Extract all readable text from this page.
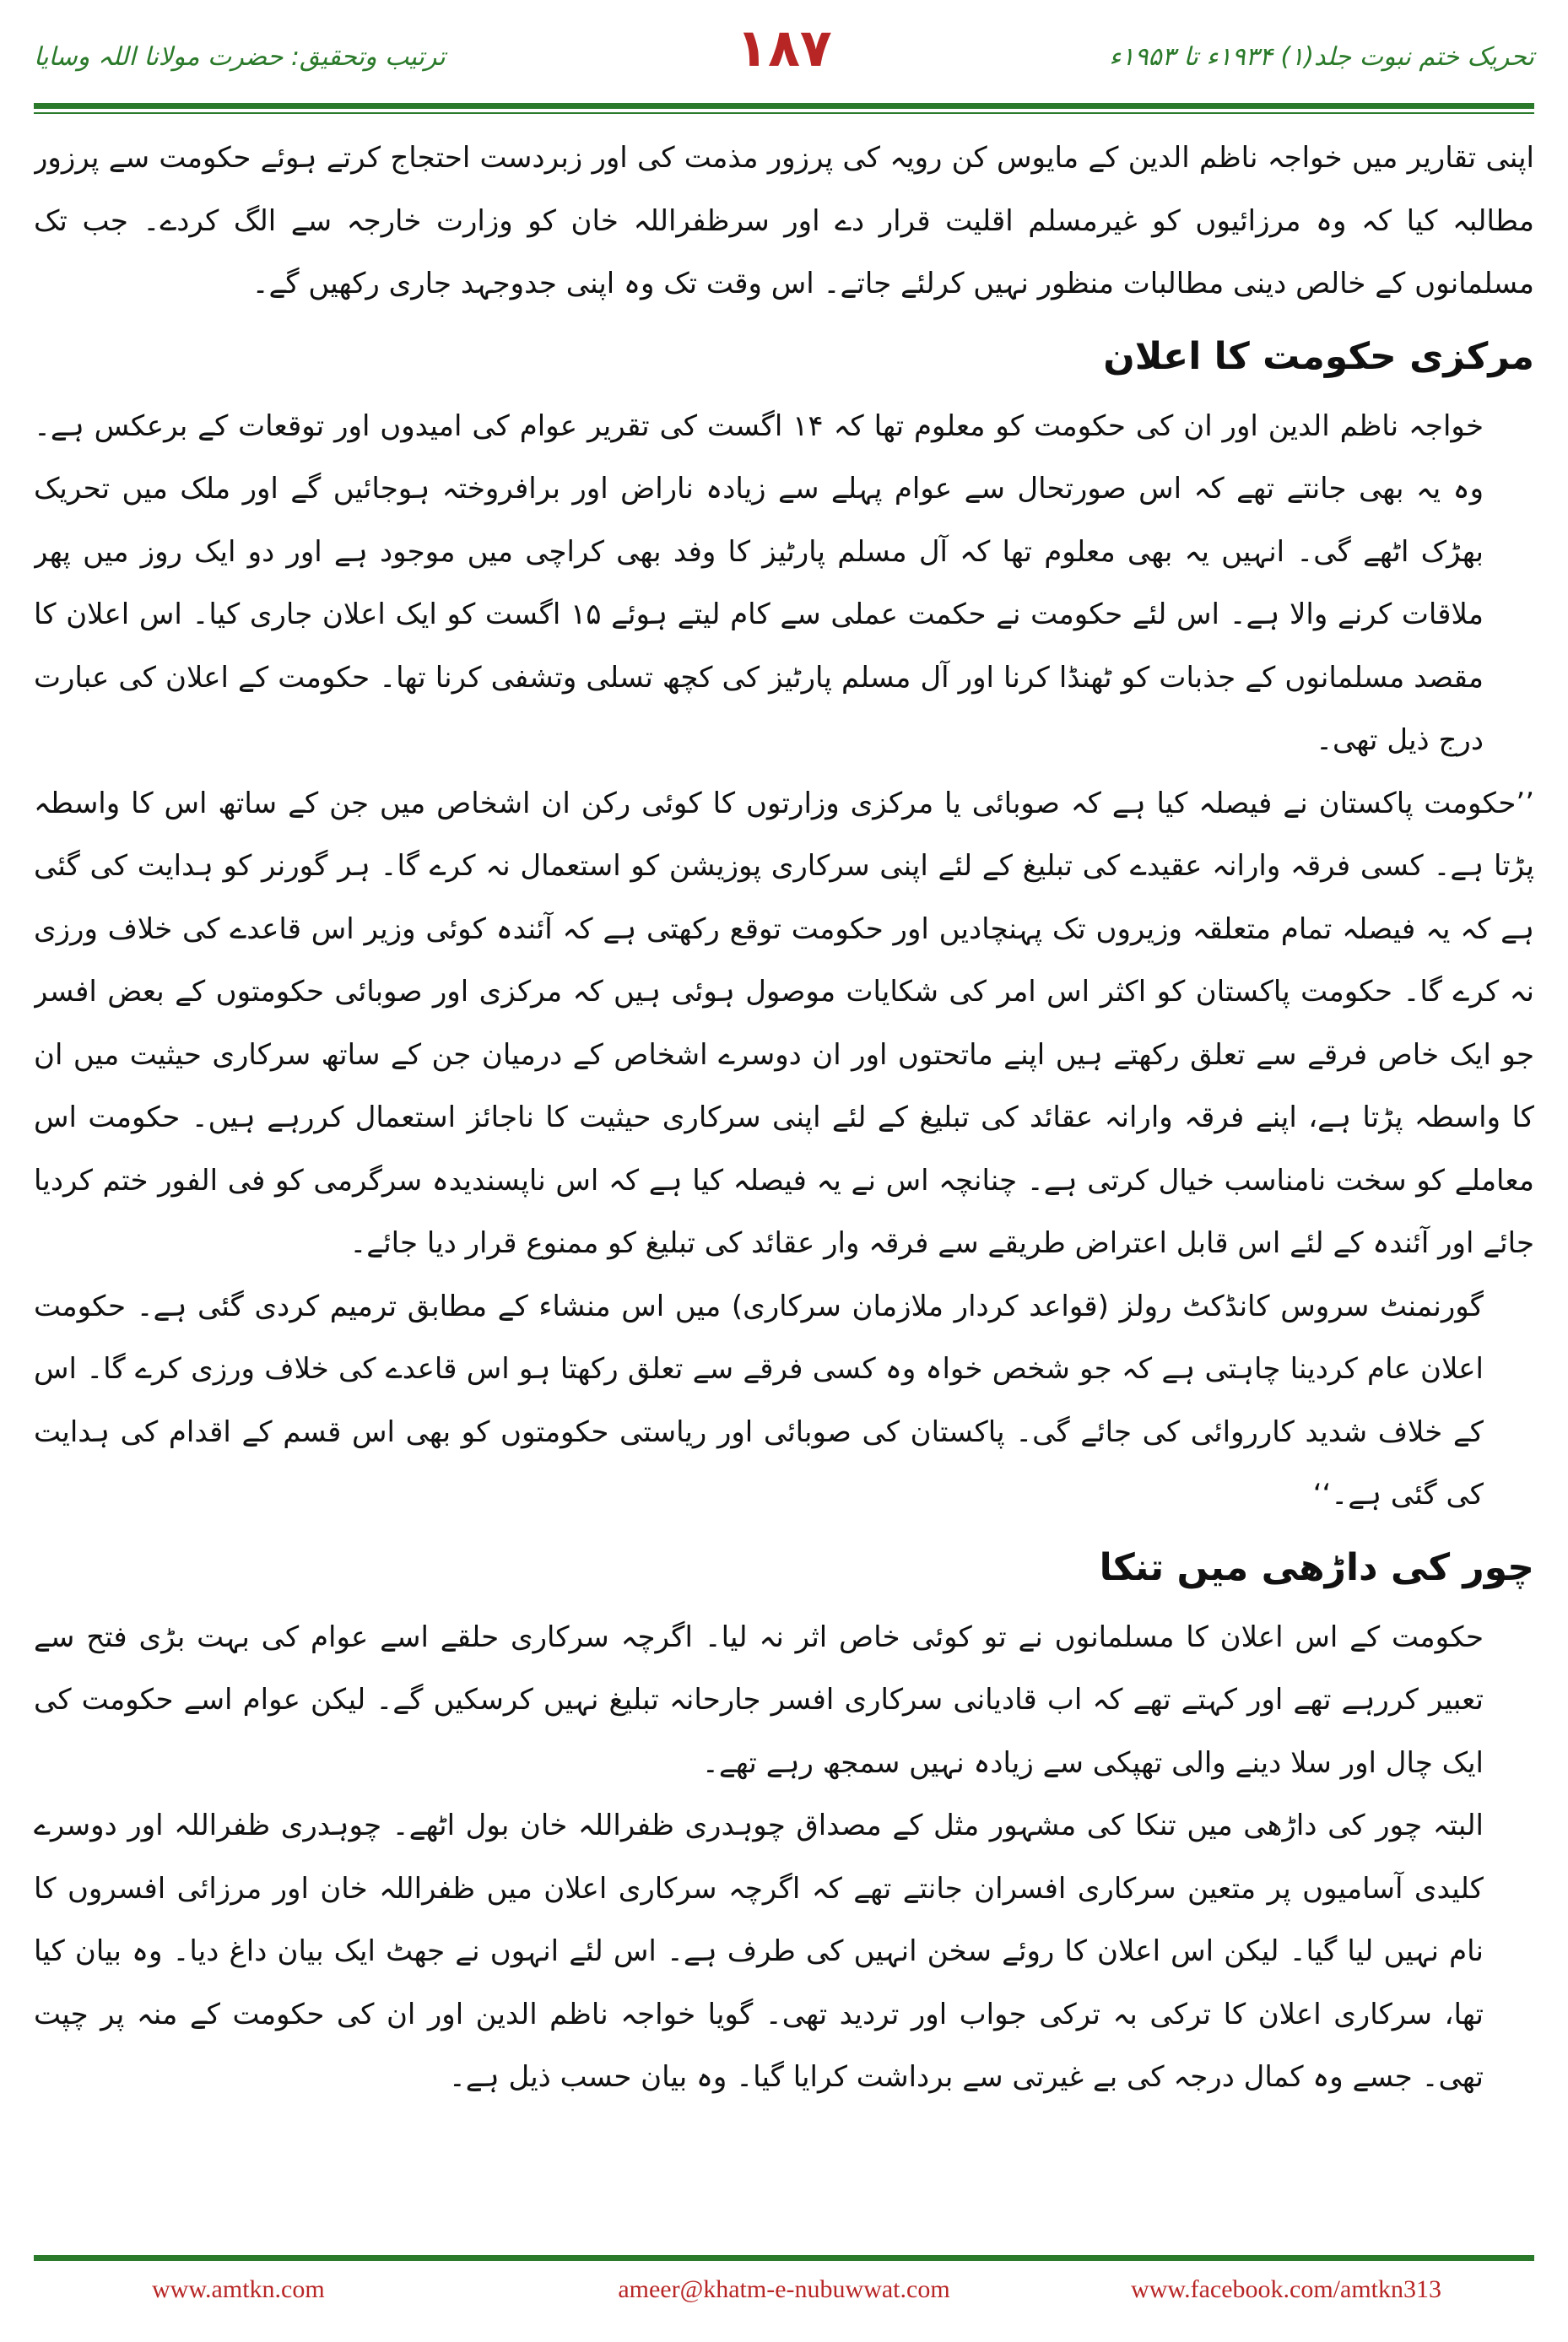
ترتیب وتحقیق: حضرت مولانا اللہ وسایا	۱۸۷	تحریک ختم نبوت جلد(۱) ۱۹۳۴ء تا ۱۹۵۳ء

اپنی تقاریر میں خواجہ ناظم الدین کے مایوس کن رویہ کی پرزور مذمت کی اور زبردست احتجاج کرتے ہوئے حکومت سے پرزور مطالبہ کیا کہ وہ مرزائیوں کو غیرمسلم اقلیت قرار دے اور سرظفراللہ خان کو وزارت خارجہ سے الگ کردے۔ جب تک مسلمانوں کے خالص دینی مطالبات منظور نہیں کرلئے جاتے۔ اس وقت تک وہ اپنی جدوجہد جاری رکھیں گے۔

مرکزی حکومت کا اعلان

خواجہ ناظم الدین اور ان کی حکومت کو معلوم تھا کہ ۱۴ اگست کی تقریر عوام کی امیدوں اور توقعات کے برعکس ہے۔ وہ یہ بھی جانتے تھے کہ اس صورتحال سے عوام پہلے سے زیادہ ناراض اور برافروختہ ہوجائیں گے اور ملک میں تحریک بھڑک اٹھے گی۔ انہیں یہ بھی معلوم تھا کہ آل مسلم پارٹیز کا وفد بھی کراچی میں موجود ہے اور دو ایک روز میں پھر ملاقات کرنے والا ہے۔ اس لئے حکومت نے حکمت عملی سے کام لیتے ہوئے ۱۵ اگست کو ایک اعلان جاری کیا۔ اس اعلان کا مقصد مسلمانوں کے جذبات کو ٹھنڈا کرنا اور آل مسلم پارٹیز کی کچھ تسلی وتشفی کرنا تھا۔ حکومت کے اعلان کی عبارت درج ذیل تھی۔

’’حکومت پاکستان نے فیصلہ کیا ہے کہ صوبائی یا مرکزی وزارتوں کا کوئی رکن ان اشخاص میں جن کے ساتھ اس کا واسطہ پڑتا ہے۔ کسی فرقہ وارانہ عقیدے کی تبلیغ کے لئے اپنی سرکاری پوزیشن کو استعمال نہ کرے گا۔ ہر گورنر کو ہدایت کی گئی ہے کہ یہ فیصلہ تمام متعلقہ وزیروں تک پہنچادیں اور حکومت توقع رکھتی ہے کہ آئندہ کوئی وزیر اس قاعدے کی خلاف ورزی نہ کرے گا۔ حکومت پاکستان کو اکثر اس امر کی شکایات موصول ہوئی ہیں کہ مرکزی اور صوبائی حکومتوں کے بعض افسر جو ایک خاص فرقے سے تعلق رکھتے ہیں اپنے ماتحتوں اور ان دوسرے اشخاص کے درمیان جن کے ساتھ سرکاری حیثیت میں ان کا واسطہ پڑتا ہے، اپنے فرقہ وارانہ عقائد کی تبلیغ کے لئے اپنی سرکاری حیثیت کا ناجائز استعمال کررہے ہیں۔ حکومت اس معاملے کو سخت نامناسب خیال کرتی ہے۔ چنانچہ اس نے یہ فیصلہ کیا ہے کہ اس ناپسندیدہ سرگرمی کو فی الفور ختم کردیا جائے اور آئندہ کے لئے اس قابل اعتراض طریقے سے فرقہ وار عقائد کی تبلیغ کو ممنوع قرار دیا جائے۔

گورنمنٹ سروس کانڈکٹ رولز (قواعد کردار ملازمان سرکاری) میں اس منشاء کے مطابق ترمیم کردی گئی ہے۔ حکومت اعلان عام کردینا چاہتی ہے کہ جو شخص خواہ وہ کسی فرقے سے تعلق رکھتا ہو اس قاعدے کی خلاف ورزی کرے گا۔ اس کے خلاف شدید کارروائی کی جائے گی۔ پاکستان کی صوبائی اور ریاستی حکومتوں کو بھی اس قسم کے اقدام کی ہدایت کی گئی ہے۔‘‘

چور کی داڑھی میں تنکا

حکومت کے اس اعلان کا مسلمانوں نے تو کوئی خاص اثر نہ لیا۔ اگرچہ سرکاری حلقے اسے عوام کی بہت بڑی فتح سے تعبیر کررہے تھے اور کہتے تھے کہ اب قادیانی سرکاری افسر جارحانہ تبلیغ نہیں کرسکیں گے۔ لیکن عوام اسے حکومت کی ایک چال اور سلا دینے والی تھپکی سے زیادہ نہیں سمجھ رہے تھے۔

البتہ چور کی داڑھی میں تنکا کی مشہور مثل کے مصداق چوہدری ظفراللہ خان بول اٹھے۔ چوہدری ظفراللہ اور دوسرے کلیدی آسامیوں پر متعین سرکاری افسران جانتے تھے کہ اگرچہ سرکاری اعلان میں ظفراللہ خان اور مرزائی افسروں کا نام نہیں لیا گیا۔ لیکن اس اعلان کا روئے سخن انہیں کی طرف ہے۔ اس لئے انہوں نے جھٹ ایک بیان داغ دیا۔ وہ بیان کیا تھا، سرکاری اعلان کا ترکی بہ ترکی جواب اور تردید تھی۔ گویا خواجہ ناظم الدین اور ان کی حکومت کے منہ پر چپت تھی۔ جسے وہ کمال درجہ کی بے غیرتی سے برداشت کرایا گیا۔ وہ بیان حسب ذیل ہے۔

www.amtkn.com	ameer@khatm-e-nubuwwat.com	www.facebook.com/amtkn313
